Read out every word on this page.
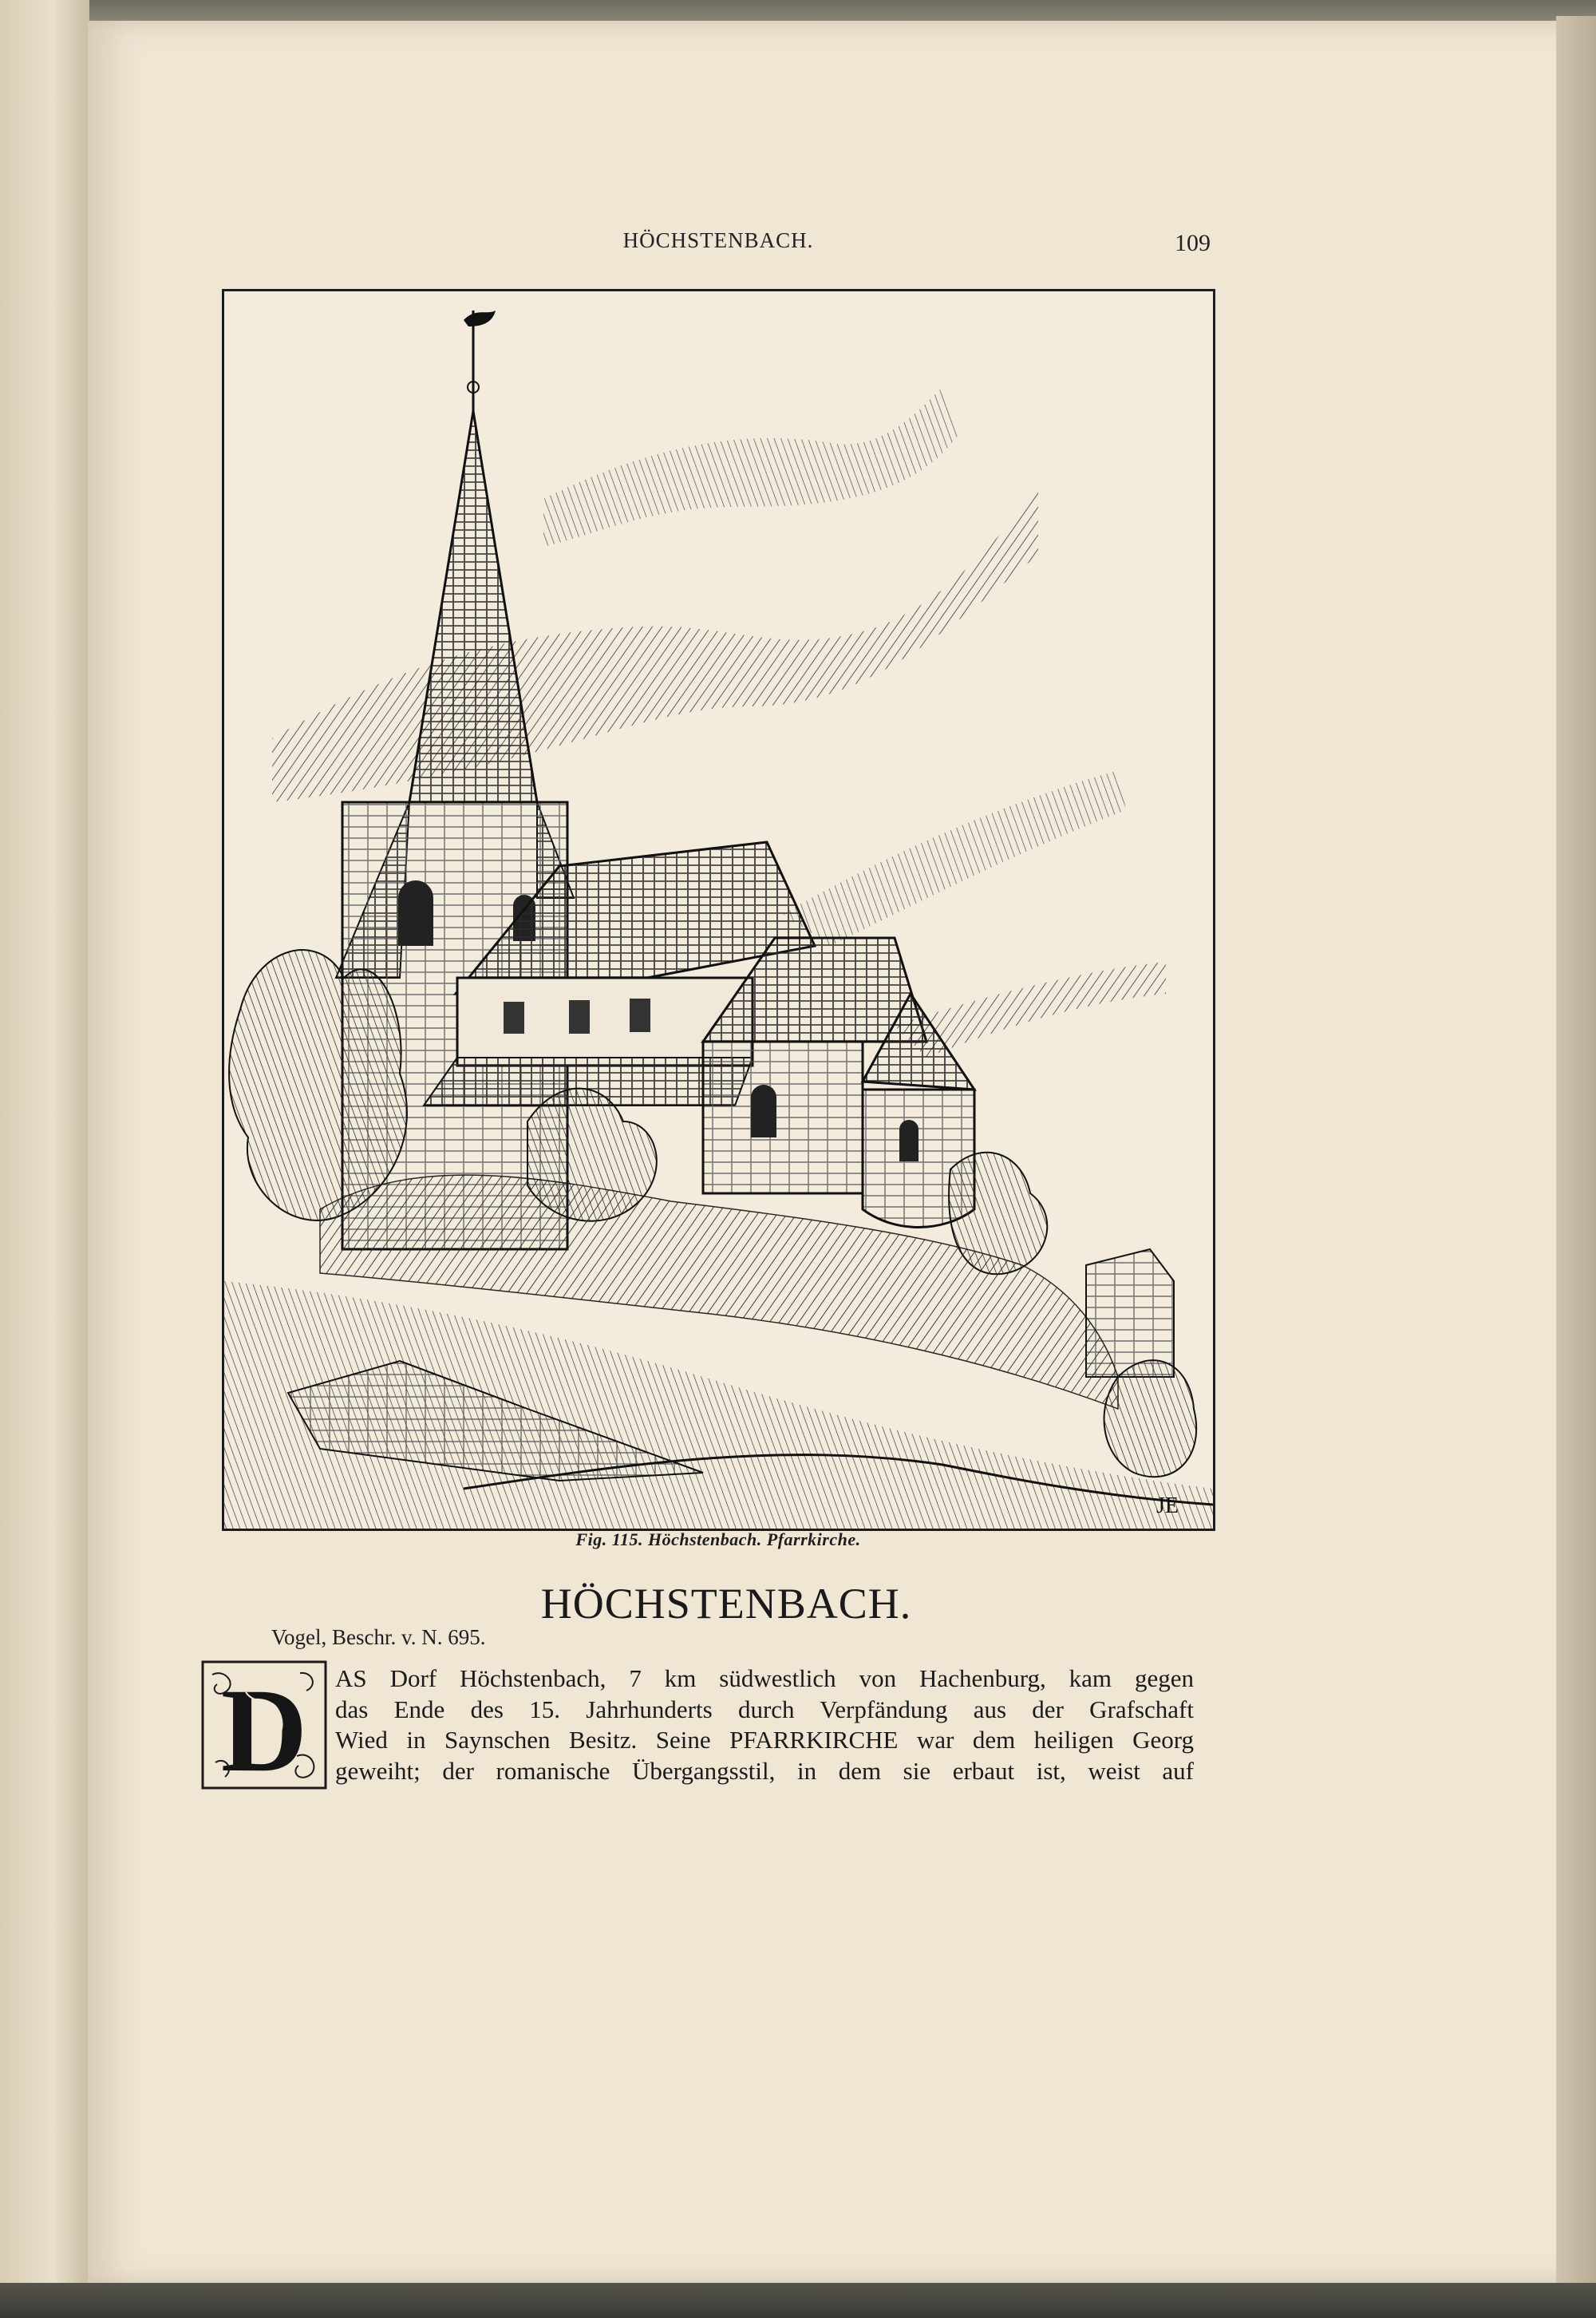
HÖCHSTENBACH.	109
JE
Fig. 115. Höchstenbach. Pfarrkirche.
HÖCHSTENBACH.
Vogel, Beschr. v. N. 695.
D AS Dorf Höchstenbach, 7 km südwestlich von Hachenburg, kam gegen
das Ende des 15. Jahrhunderts durch Verpfändung aus der Grafschaft
Wied in Saynschen Besitz. Seine PFARRKIRCHE war dem heiligen Georg
geweiht; der romanische Übergangsstil, in dem sie erbaut ist, weist auf
